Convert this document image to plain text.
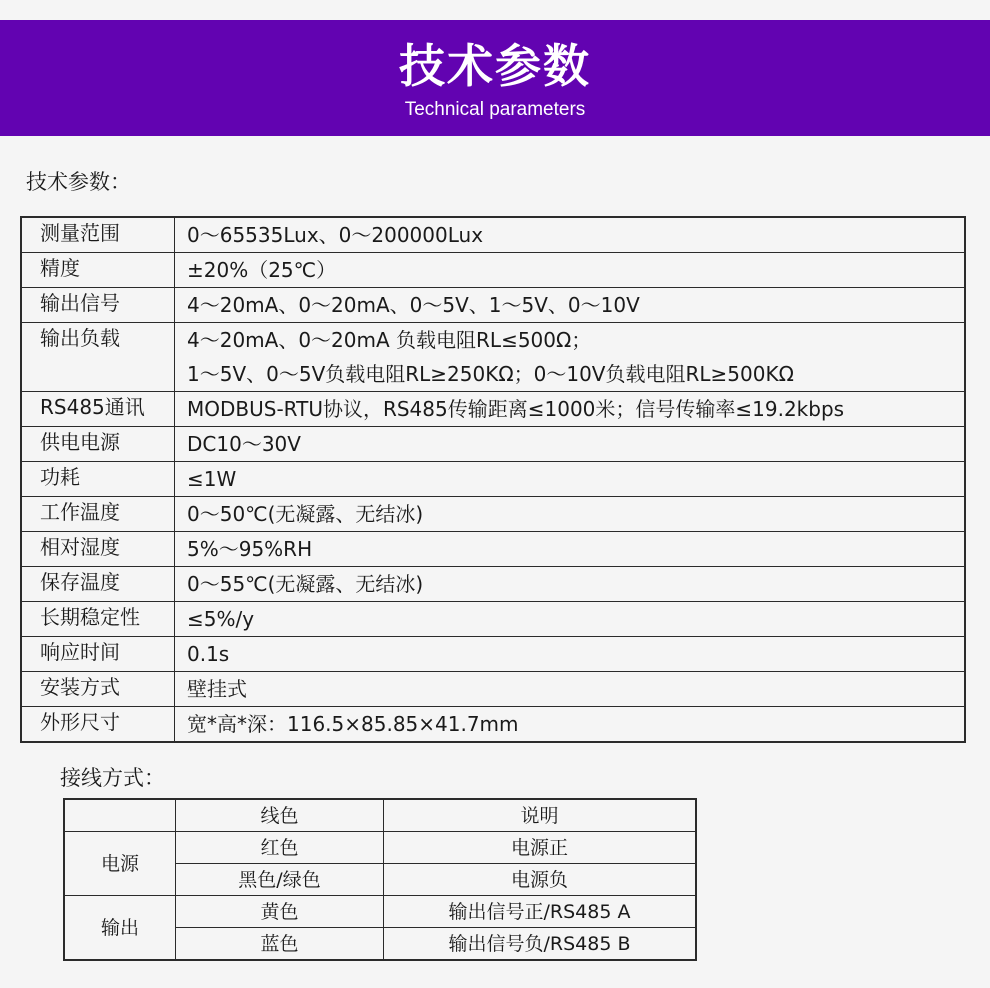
技术参数
Technical parameters
技术参数：
测量范围	0～65535Lux、0～200000Lux

精度	±20%（25℃）

输出信号	4～20mA、0～20mA、0～5V、1～5V、0～10V

输出负载	4～20mA、0～20mA 负载电阻RL≤500Ω；
1～5V、0～5V负载电阻RL≥250KΩ；0～10V负载电阻RL≥500KΩ

RS485通讯	MODBUS-RTU协议，RS485传输距离≤1000米；信号传输率≤19.2kbps

供电电源	DC10～30V

功耗	≤1W

工作温度	0～50℃(无凝露、无结冰)

相对湿度	5%～95%RH

保存温度	0～55℃(无凝露、无结冰)

长期稳定性	≤5%/y

响应时间	0.1s

安装方式	壁挂式

外形尺寸	宽*高*深：116.5×85.85×41.7mm
接线方式：
	线色	说明
电源	红色	电源正
	黑色/绿色	电源负
输出	黄色	输出信号正/RS485 A
	蓝色	输出信号负/RS485 B
